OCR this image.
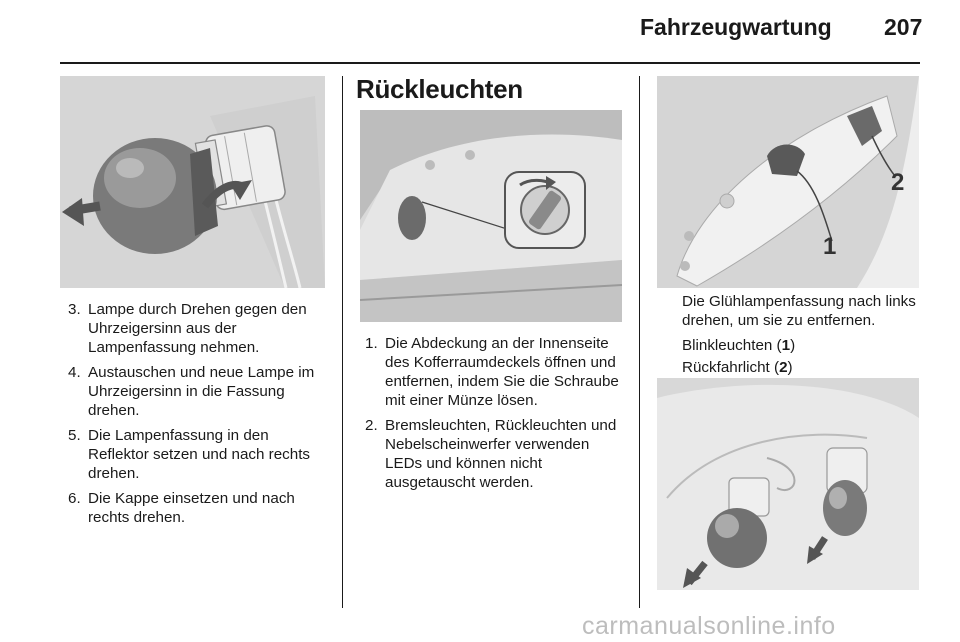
Fahrzeugwartung 207
3. Lampe durch Drehen gegen den Uhrzeigersinn aus der Lampenfassung nehmen.
4. Austauschen und neue Lampe im Uhrzeigersinn in die Fassung drehen.
5. Die Lampenfassung in den Reflektor setzen und nach rechts drehen.
6. Die Kappe einsetzen und nach rechts drehen.
Rückleuchten
1. Die Abdeckung an der Innenseite des Kofferraumdeckels öffnen und entfernen, indem Sie die Schraube mit einer Münze lösen.
2. Bremsleuchten, Rückleuchten und Nebelscheinwerfer verwenden LEDs und können nicht ausgetauscht werden.
1
2
Die Glühlampenfassung nach links drehen, um sie zu entfernen.
Blinkleuchten (1)
Rückfahrlicht (2)
carmanualsonline.info
